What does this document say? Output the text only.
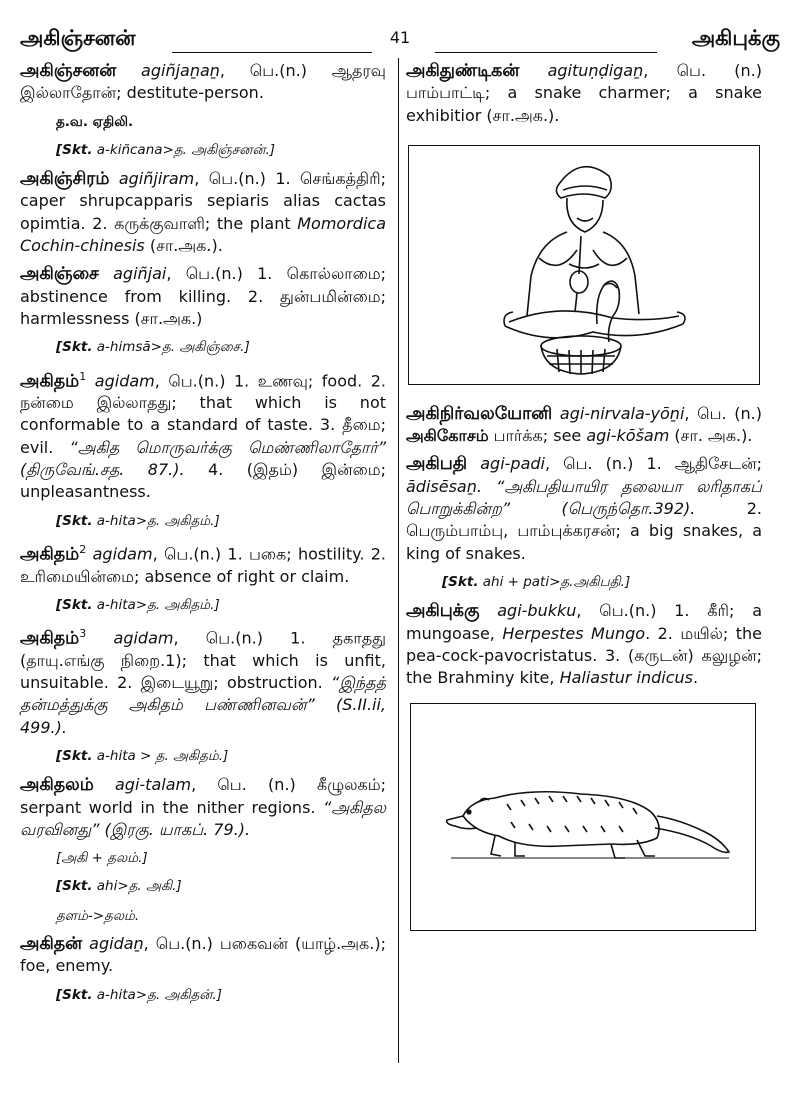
அகிஞ்சனன்	41	அகிபுக்கு

அகிஞ்சனன் agiñjaṉaṉ, பெ.(n.) ஆதரவு இல்லாதோன்; destitute-person.

த.வ. ஏதிலி.

[Skt. a-kiñcana>த. அகிஞ்சனன்.]

அகிஞ்சிரம் agiñjiram, பெ.(n.) 1. செங்கத்திரி; caper shrupcapparis sepiaris alias cactas opimtia. 2. கருக்குவாளி; the plant Momordica Cochin-chinesis (சா.அக.).

அகிஞ்சை agiñjai, பெ.(n.) 1. கொல்லாமை; abstinence from killing. 2. துன்பமின்மை; harmlessness (சா.அக.)

[Skt. a-himsā>த. அகிஞ்சை.]

அகிதம்$^1$ agidam, பெ.(n.) 1. உணவு; food. 2. நன்மை இல்லாதது; that which is not conformable to a standard of taste. 3. தீமை; evil. “அகித மொருவர்க்கு மெண்ணிலாதோர்” (திருவேங்.சத. 87.). 4. (இதம்) இன்மை; unpleasantness.

[Skt. a-hita>த. அகிதம்.]

அகிதம்$^2$ agidam, பெ.(n.) 1. பகை; hostility. 2. உரிமையின்மை; absence of right or claim.

[Skt. a-hita>த. அகிதம்.]

அகிதம்$^3$ agidam, பெ.(n.) 1. தகாதது (தாயு.எங்கு நிறை.1); that which is unfit, unsuitable. 2. இடையூறு; obstruction. “இந்தத் தன்மத்துக்கு அகிதம் பண்ணினவன்” (S.II.ii, 499.).

[Skt. a-hita > த. அகிதம்.]

அகிதலம் agi-talam, பெ. (n.) கீழுலகம்; serpant world in the nither regions. “அகிதல வரவினது” (இரகு. யாகப். 79.).

[அகி + தலம்.]

[Skt. ahi>த. அகி.]

தளம்->தலம்.

அகிதன் agidaṉ, பெ.(n.) பகைவன் (யாழ்.அக.); foe, enemy.

[Skt. a-hita>த. அகிதன்.]

அகிதுண்டிகன் agituṇḍigaṉ, பெ. (n.) பாம்பாட்டி; a snake charmer; a snake exhibitior (சா.அக.).

அகிநிர்வலயோனி agi-nirvala-yōṉi, பெ. (n.) அகிகோசம் பார்க்க; see agi-kōšam (சா. அக.).

அகிபதி agi-padi, பெ. (n.) 1. ஆதிசேடன்; ādisēsaṉ. “அகிபதியாயிர தலையா லரிதாகப் பொறுக்கின்ற” (பெருந்தொ.392). 2. பெரும்பாம்பு, பாம்புக்கரசன்; a big snakes, a king of snakes.

[Skt. ahi + pati>த.அகிபதி.]

அகிபுக்கு agi-bukku, பெ.(n.) 1. கீரி; a mungoase, Herpestes Mungo. 2. மயில்; the pea-cock-pavocristatus. 3. (கருடன்) கலுழன்; the Brahminy kite, Haliastur indicus.
